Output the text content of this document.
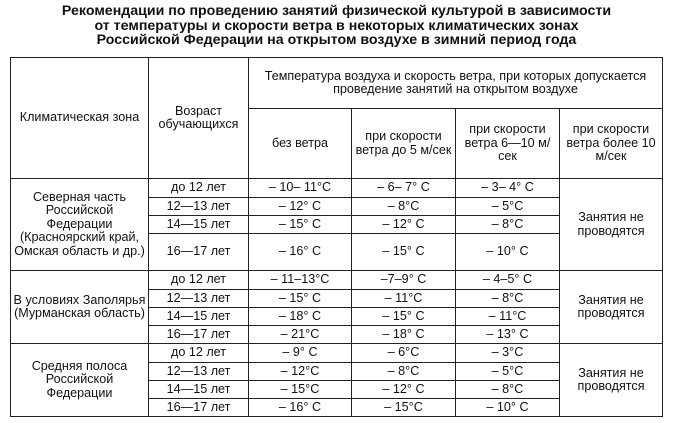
Рекомендации по проведению занятий физической культурой в зависимости
от температуры и скорости ветра в некоторых климатических зонах
Российской Федерации на открытом воздухе в зимний период года
Климатическая зона	Возраст обучающихся	Температура воздуха и скорость ветра, при которых допускается проведение занятий на открытом воздухе			
		без ветра	при скорости ветра до 5 м/сек	при скорости ветра 6—10 м/сек	при скорости ветра более 10 м/сек
Северная часть Российской Федерации (Красноярский край, Омская область и др.)	до 12 лет	– 10– 11°C	– 6– 7° C	– 3– 4° C	Занятия не проводятся
	12—13 лет	– 12° C	– 8°C	– 5°C	
	14—15 лет	– 15° C	– 12° C	– 8°C	
	16—17 лет	– 16° C	– 15° C	– 10° C	
В условиях Заполярья (Мурманская область)	до 12 лет	– 11–13°C	–7–9° C	– 4–5° C	Занятия не проводятся
	12—13 лет	– 15° C	– 11°C	– 8°C	
	14—15 лет	– 18° C	– 15° C	– 11°C	
	16—17 лет	– 21°C	– 18° C	– 13° C	
Средняя полоса Российской Федерации	до 12 лет	– 9° C	– 6°C	– 3°C	Занятия не проводятся
	12—13 лет	– 12°C	– 8°C	– 5°C	
	14—15 лет	– 15°C	– 12° C	– 8°C	
	16—17 лет	– 16° C	– 15°C	– 10° C	
